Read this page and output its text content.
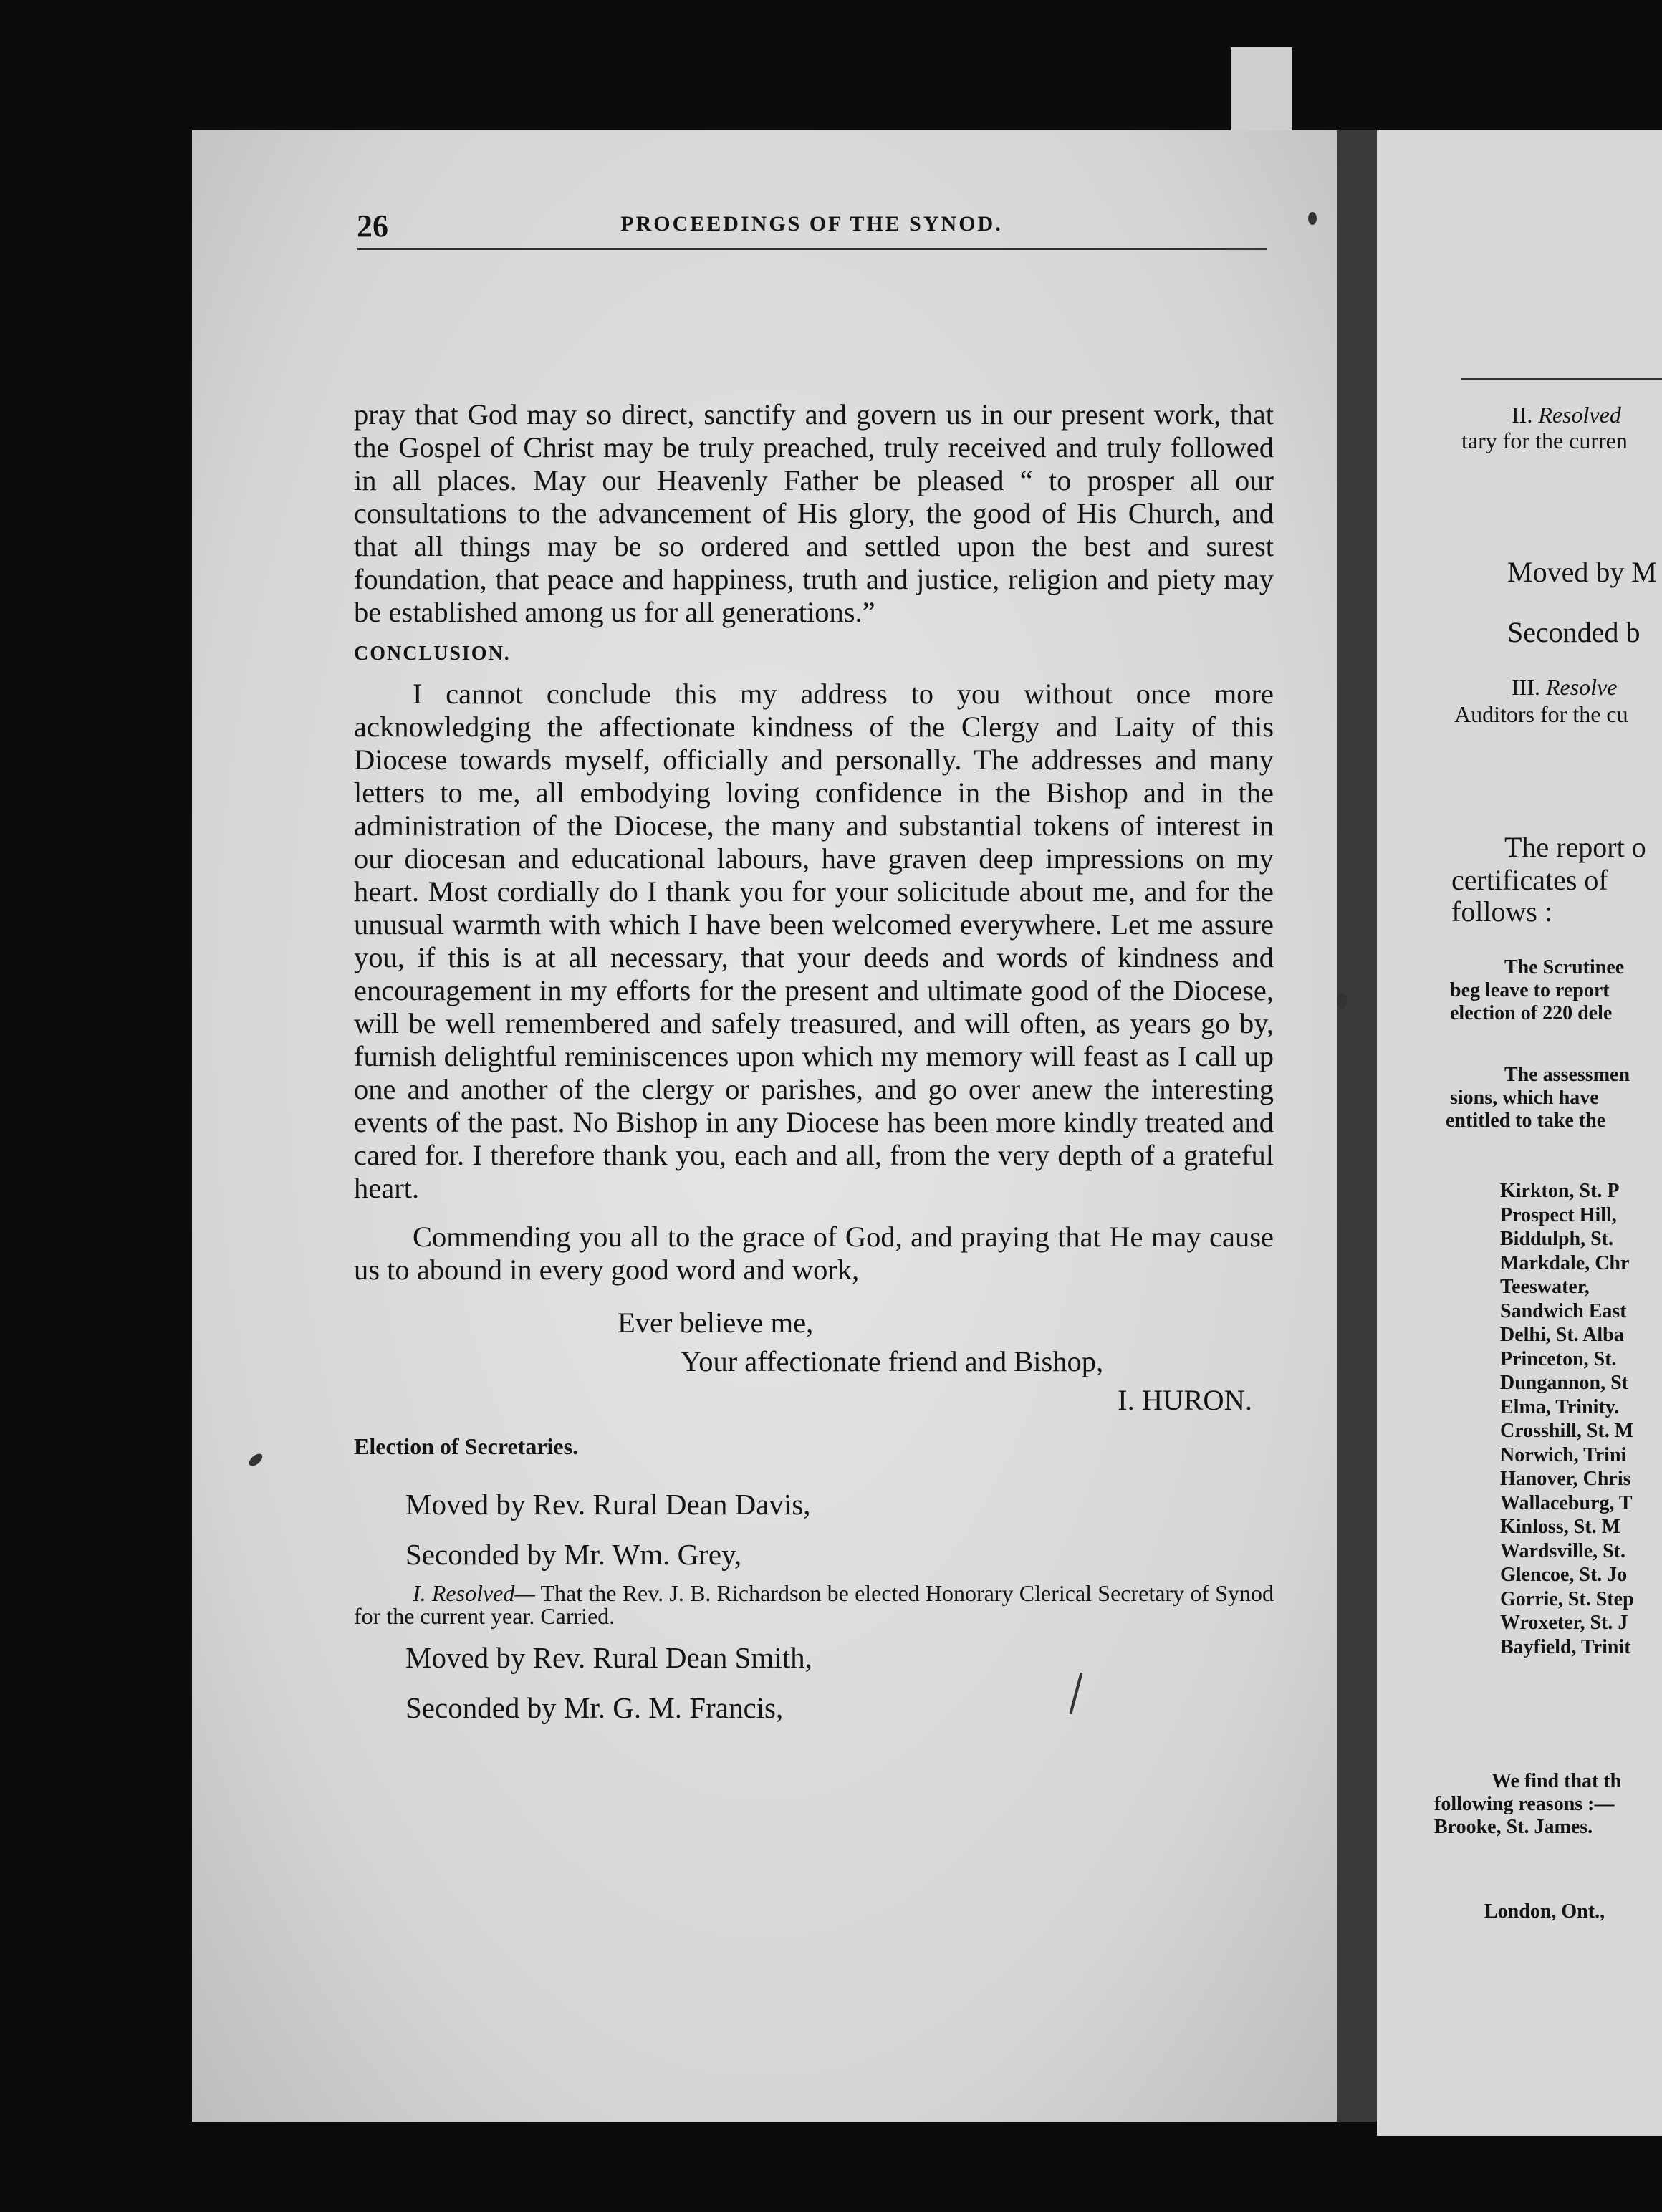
26	PROCEEDINGS OF THE SYNOD.

pray that God may so direct, sanctify and govern us in our present work, that the Gospel of Christ may be truly preached, truly received and truly followed in all places. May our Heavenly Father be pleased “ to prosper all our consultations to the advancement of His glory, the good of His Church, and that all things may be so ordered and settled upon the best and surest foundation, that peace and happiness, truth and justice, religion and piety may be established among us for all generations.”

CONCLUSION.

I cannot conclude this my address to you without once more acknowledging the affectionate kindness of the Clergy and Laity of this Diocese towards myself, officially and personally. The addresses and many letters to me, all embodying loving confidence in the Bishop and in the administration of the Diocese, the many and substantial tokens of interest in our diocesan and educational labours, have graven deep impressions on my heart. Most cordially do I thank you for your solicitude about me, and for the unusual warmth with which I have been welcomed everywhere. Let me assure you, if this is at all necessary, that your deeds and words of kindness and encouragement in my efforts for the present and ultimate good of the Diocese, will be well remembered and safely treasured, and will often, as years go by, furnish delightful reminiscences upon which my memory will feast as I call up one and another of the clergy or parishes, and go over anew the interesting events of the past. No Bishop in any Diocese has been more kindly treated and cared for. I therefore thank you, each and all, from the very depth of a grateful heart.

Commending you all to the grace of God, and praying that He may cause us to abound in every good word and work,

Ever believe me,

Your affectionate friend and Bishop,

I. HURON.

Election of Secretaries.

Moved by Rev. Rural Dean Davis,

Seconded by Mr. Wm. Grey,

I. Resolved— That the Rev. J. B. Richardson be elected Honorary Clerical Secretary of Synod for the current year. Carried.

Moved by Rev. Rural Dean Smith,

Seconded by Mr. G. M. Francis,

II. Resolved
tary for the curren
Moved by M
Seconded b
III. Resolve
Auditors for the cu
The report o
certificates of
follows :
The Scrutinee
beg leave to report
election of 220 dele
The assessmen
sions, which have
entitled to take the
Kirkton, St. P
Prospect Hill,
Biddulph, St.
Markdale, Chr
Teeswater,
Sandwich East
Delhi, St. Alba
Princeton, St.
Dungannon, St
Elma, Trinity.
Crosshill, St. M
Norwich, Trini
Hanover, Chris
Wallaceburg, T
Kinloss, St. M
Wardsville, St.
Glencoe, St. Jo
Gorrie, St. Step
Wroxeter, St. J
Bayfield, Trinit
We find that th
following reasons :—
Brooke, St. James.
London, Ont.,
